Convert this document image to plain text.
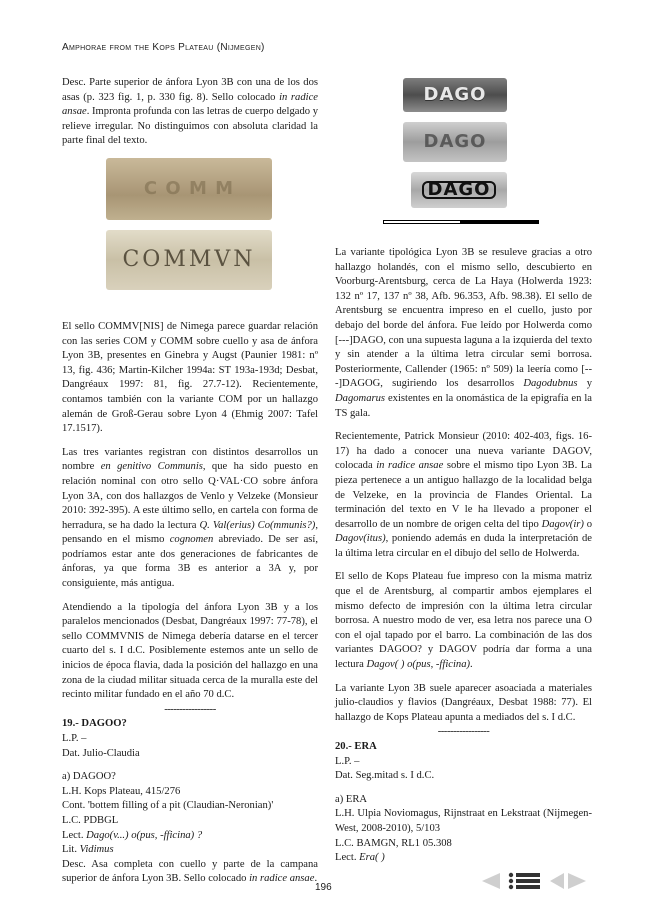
Amphorae from the Kops Plateau (Nijmegen)

Desc. Parte superior de ánfora Lyon 3B con una de los dos asas (p. 323 fig. 1, p. 330 fig. 8). Sello colocado in radice ansae. Impronta profunda con las letras de cuerpo delgado y relieve irregular. No distinguimos con absoluta claridad la parte final del texto.

C O M M
COMMVN

El sello COMMV[NIS] de Nimega parece guardar relación con las series COM y COMM sobre cuello y asa de ánfora Lyon 3B, presentes en Ginebra y Augst (Paunier 1981: nº 13, fig. 436; Martin-Kilcher 1994a: ST 193a-193d; Desbat, Dangréaux 1997: 81, fig. 27.7-12). Recientemente, contamos también con la variante COM por un hallazgo alemán de Groß-Gerau sobre Lyon 4 (Ehmig 2007: Tafel 17.1517).

Las tres variantes registran con distintos desarrollos un nombre en genitivo Communis, que ha sido puesto en relación nominal con otro sello Q·VAL·CO sobre ánfora Lyon 3A, con dos hallazgos de Venlo y Velzeke (Monsieur 2010: 392-395). A este último sello, en cartela con forma de herradura, se ha dado la lectura Q. Val(erius) Co(mmunis?), pensando en el mismo cognomen abreviado. De ser así, podríamos estar ante dos generaciones de fabricantes de ánforas, ya que forma 3B es anterior a 3A y, por consiguiente, más antigua.

Atendiendo a la tipología del ánfora Lyon 3B y a los paralelos mencionados (Desbat, Dangréaux 1997: 77-78), el sello COMMVNIS de Nimega debería datarse en el tercer cuarto del s. I d.C. Posiblemente estemos ante un sello de inicios de época flavia, dada la posición del hallazgo en una zona de la ciudad militar situada cerca de la muralla este del recinto militar fundado en el año 70 d.C.

-----------------

19.- DAGOO?

L.P. –

Dat. Julio-Claudia

a) DAGOO?

L.H. Kops Plateau, 415/276

Cont. 'bottem filling of a pit (Claudian-Neronian)'

L.C. PDBGL

Lect. Dago(v...) o(pus, -fficina) ?

Lit. Vidimus

Desc. Asa completa con cuello y parte de la campana superior de ánfora Lyon 3B. Sello colocado in radice ansae.

DAGO
DAGO
DAGO

La variante tipológica Lyon 3B se resuleve gracias a otro hallazgo holandés, con el mismo sello, descubierto en Voorburg-Arentsburg, cerca de La Haya (Holwerda 1923: 132 nº 17, 137 nº 38, Afb. 96.353, Afb. 98.38). El sello de Arentsburg se encuentra impreso en el cuello, justo por debajo del borde del ánfora. Fue leído por Holwerda como [---]DAGO, con una supuesta laguna a la izquierda del texto y sin atender a la última letra circular semi borrosa. Posteriormente, Callender (1965: nº 509) la leería como [---]DAGOG, sugiriendo los desarrollos Dagodubnus y Dagomarus existentes en la onomástica de la epigrafía en la TS gala.

Recientemente, Patrick Monsieur (2010: 402-403, figs. 16-17) ha dado a conocer una nueva variante DAGOV, colocada in radice ansae sobre el mismo tipo Lyon 3B. La pieza pertenece a un antiguo hallazgo de la localidad belga de Velzeke, en la provincia de Flandes Oriental. La terminación del texto en V le ha llevado a proponer el desarrollo de un nombre de origen celta del tipo Dagov(ir) o Dagov(itus), poniendo además en duda la interpretación de la última letra circular en el dibujo del sello de Holwerda.

El sello de Kops Plateau fue impreso con la misma matriz que el de Arentsburg, al compartir ambos ejemplares el mismo defecto de impresión con la última letra circular borrosa. A nuestro modo de ver, esa letra nos parece una O con el ojal tapado por el barro. La combinación de las dos variantes DAGOO? y DAGOV podría dar forma a una lectura Dagov( ) o(pus, -fficina).

La variante Lyon 3B suele aparecer asoaciada a materiales julio-claudios y flavios (Dangréaux, Desbat 1988: 77). El hallazgo de Kops Plateau apunta a mediados del s. I d.C.

-----------------

20.- ERA

L.P. –

Dat. Seg.mitad s. I d.C.

a) ERA

L.H. Ulpia Noviomagus, Rijnstraat en Lekstraat (Nijmegen-West, 2008-2010), 5/103

L.C. BAMGN, RL1 05.308

Lect. Era( )

196
